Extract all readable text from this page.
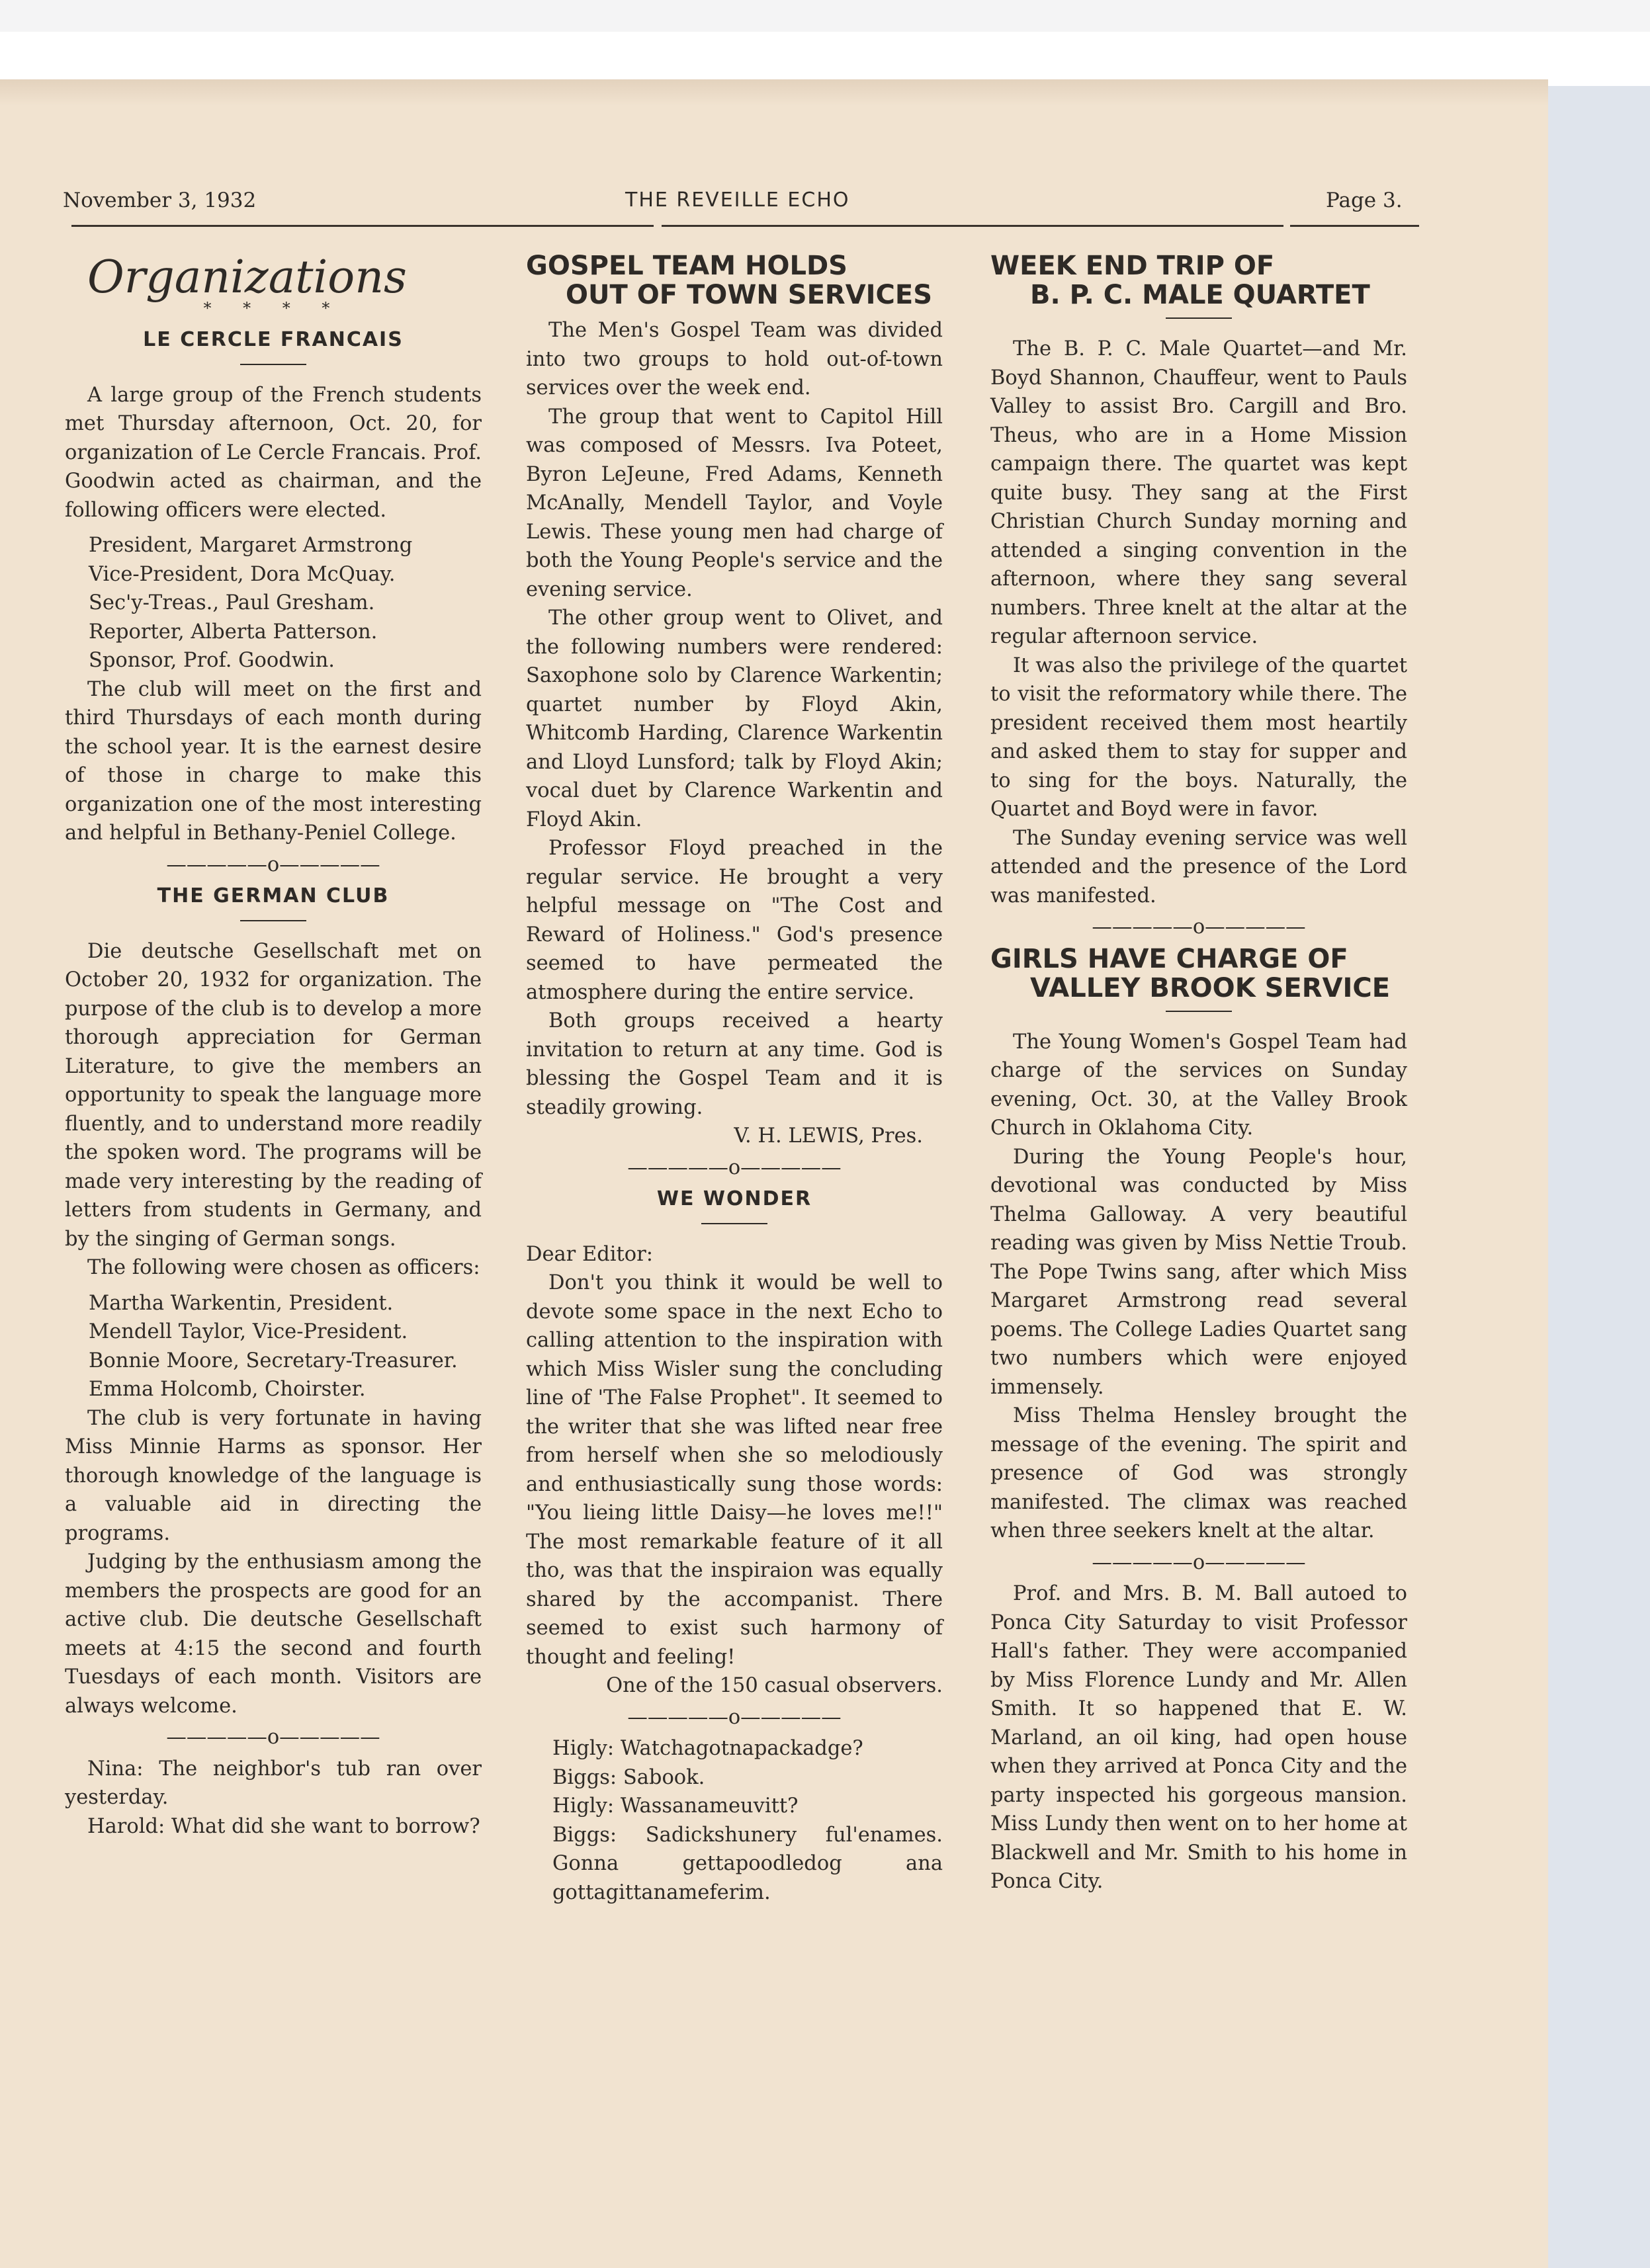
November 3, 1932	THE REVEILLE ECHO	Page 3.

Organizations

* * * *
LE CERCLE FRANCAIS

A large group of the French students met Thursday afternoon, Oct. 20, for organization of Le Cercle Francais. Prof. Goodwin acted as chairman, and the following officers were elected.

President, Margaret Armstrong

Vice-President, Dora McQuay.

Sec'y-Treas., Paul Gresham.

Reporter, Alberta Patterson.

Sponsor, Prof. Goodwin.

The club will meet on the first and third Thursdays of each month during the school year. It is the earnest desire of those in charge to make this organization one of the most interesting and helpful in Bethany-Peniel College.

—————o—————
THE GERMAN CLUB

Die deutsche Gesellschaft met on October 20, 1932 for organization. The purpose of the club is to develop a more thorough appreciation for German Literature, to give the members an opportunity to speak the language more fluently, and to understand more readily the spoken word. The programs will be made very interesting by the reading of letters from students in Germany, and by the singing of German songs.

The following were chosen as officers:

Martha Warkentin, President.

Mendell Taylor, Vice-President.

Bonnie Moore, Secretary-Treasurer.

Emma Holcomb, Choirster.

The club is very fortunate in having Miss Minnie Harms as sponsor. Her thorough knowledge of the language is a valuable aid in directing the programs.

Judging by the enthusiasm among the members the prospects are good for an active club. Die deutsche Gesellschaft meets at 4:15 the second and fourth Tuesdays of each month. Visitors are always welcome.

—————o—————

Nina: The neighbor's tub ran over yesterday.

Harold: What did she want to borrow?

GOSPEL TEAM HOLDS
OUT OF TOWN SERVICES

The Men's Gospel Team was divided into two groups to hold out-of-town services over the week end.

The group that went to Capitol Hill was composed of Messrs. Iva Poteet, Byron LeJeune, Fred Adams, Kenneth McAnally, Mendell Taylor, and Voyle Lewis. These young men had charge of both the Young People's service and the evening service.

The other group went to Olivet, and the following numbers were rendered: Saxophone solo by Clarence Warkentin; quartet number by Floyd Akin, Whitcomb Harding, Clarence Warkentin and Lloyd Lunsford; talk by Floyd Akin; vocal duet by Clarence Warkentin and Floyd Akin.

Professor Floyd preached in the regular service. He brought a very helpful message on "The Cost and Reward of Holiness." God's presence seemed to have permeated the atmosphere during the entire service.

Both groups received a hearty invitation to return at any time. God is blessing the Gospel Team and it is steadily growing.

V. H. LEWIS, Pres.
—————o—————
WE WONDER

Dear Editor:

Don't you think it would be well to devote some space in the next Echo to calling attention to the inspiration with which Miss Wisler sung the concluding line of 'The False Prophet". It seemed to the writer that she was lifted near free from herself when she so melodiously and enthusiastically sung those words: "You lieing little Daisy—he loves me!!" The most remarkable feature of it all tho, was that the inspiraion was equally shared by the accompanist. There seemed to exist such harmony of thought and feeling!

One of the 150 casual observers.
—————o—————

Higly: Watchagotnapackadge?

Biggs: Sabook.

Higly: Wassanameuvitt?

Biggs: Sadickshunery ful'enames. Gonna gettapoodledog ana gottagittanameferim.

WEEK END TRIP OF
B. P. C. MALE QUARTET

The B. P. C. Male Quartet—and Mr. Boyd Shannon, Chauffeur, went to Pauls Valley to assist Bro. Cargill and Bro. Theus, who are in a Home Mission campaign there. The quartet was kept quite busy. They sang at the First Christian Church Sunday morning and attended a singing convention in the afternoon, where they sang several numbers. Three knelt at the altar at the regular afternoon service.

It was also the privilege of the quartet to visit the reformatory while there. The president received them most heartily and asked them to stay for supper and to sing for the boys. Naturally, the Quartet and Boyd were in favor.

The Sunday evening service was well attended and the presence of the Lord was manifested.

—————o—————
GIRLS HAVE CHARGE OF
VALLEY BROOK SERVICE

The Young Women's Gospel Team had charge of the services on Sunday evening, Oct. 30, at the Valley Brook Church in Oklahoma City.

During the Young People's hour, devotional was conducted by Miss Thelma Galloway. A very beautiful reading was given by Miss Nettie Troub. The Pope Twins sang, after which Miss Margaret Armstrong read several poems. The College Ladies Quartet sang two numbers which were enjoyed immensely.

Miss Thelma Hensley brought the message of the evening. The spirit and presence of God was strongly manifested. The climax was reached when three seekers knelt at the altar.

—————o—————

Prof. and Mrs. B. M. Ball autoed to Ponca City Saturday to visit Professor Hall's father. They were accompanied by Miss Florence Lundy and Mr. Allen Smith. It so happened that E. W. Marland, an oil king, had open house when they arrived at Ponca City and the party inspected his gorgeous mansion. Miss Lundy then went on to her home at Blackwell and Mr. Smith to his home in Ponca City.
